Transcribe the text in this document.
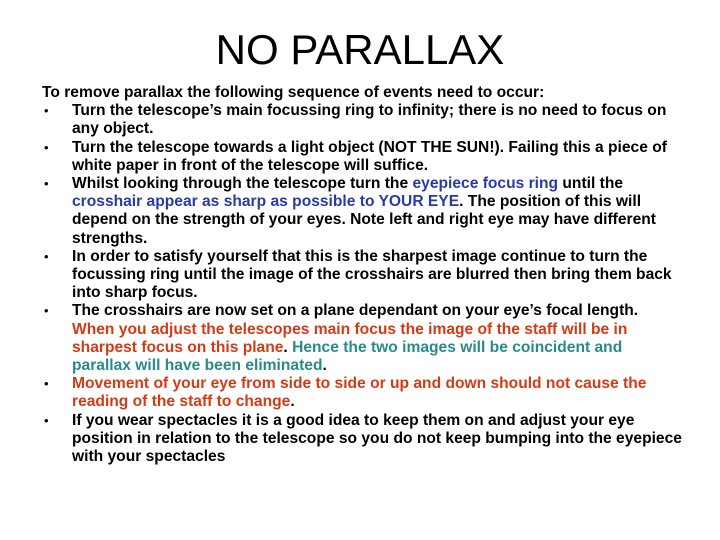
NO PARALLAX

To remove parallax the following sequence of events need to occur:

• Turn the telescope’s main focussing ring to infinity; there is no need to focus on any object.
• Turn the telescope towards a light object (NOT THE SUN!). Failing this a piece of white paper in front of the telescope will suffice.
• Whilst looking through the telescope turn the eyepiece focus ring until the crosshair appear as sharp as possible to YOUR EYE. The position of this will depend on the strength of your eyes. Note left and right eye may have different strengths.
• In order to satisfy yourself that this is the sharpest image continue to turn the focussing ring until the image of the crosshairs are blurred then bring them back into sharp focus.
• The crosshairs are now set on a plane dependant on your eye’s focal length. When you adjust the telescopes main focus the image of the staff will be in sharpest focus on this plane. Hence the two images will be coincident and parallax will have been eliminated.
• Movement of your eye from side to side or up and down should not cause the reading of the staff to change.
• If you wear spectacles it is a good idea to keep them on and adjust your eye position in relation to the telescope so you do not keep bumping into the eyepiece with your spectacles
